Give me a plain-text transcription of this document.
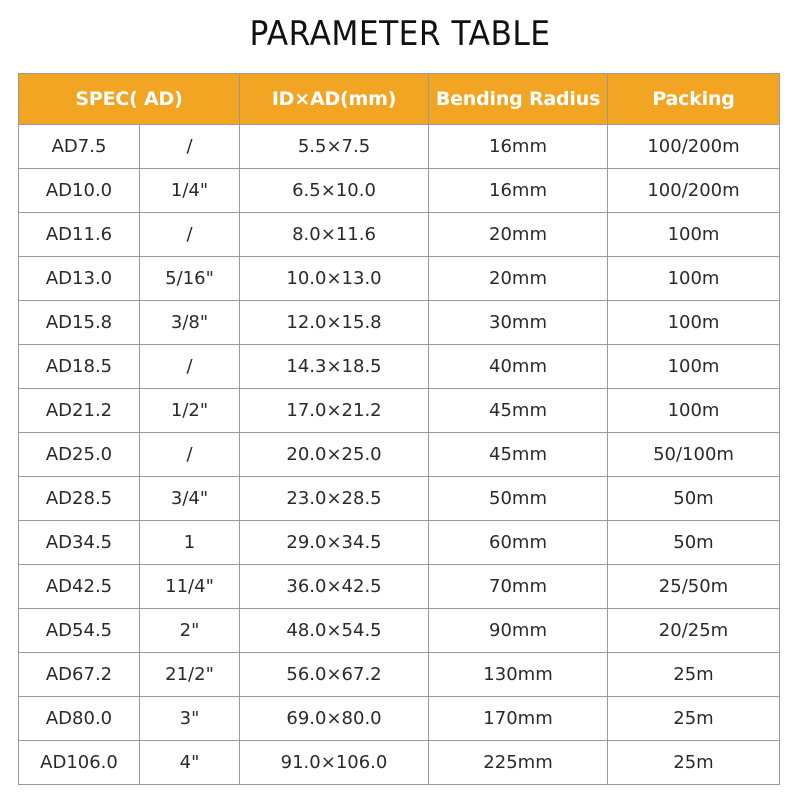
PARAMETER TABLE
SPEC( AD)		ID×AD(mm)	Bending Radius	Packing
AD7.5	/	5.5×7.5	16mm	100/200m
AD10.0	1/4"	6.5×10.0	16mm	100/200m
AD11.6	/	8.0×11.6	20mm	100m
AD13.0	5/16"	10.0×13.0	20mm	100m
AD15.8	3/8"	12.0×15.8	30mm	100m
AD18.5	/	14.3×18.5	40mm	100m
AD21.2	1/2"	17.0×21.2	45mm	100m
AD25.0	/	20.0×25.0	45mm	50/100m
AD28.5	3/4"	23.0×28.5	50mm	50m
AD34.5	1	29.0×34.5	60mm	50m
AD42.5	11/4"	36.0×42.5	70mm	25/50m
AD54.5	2"	48.0×54.5	90mm	20/25m
AD67.2	21/2"	56.0×67.2	130mm	25m
AD80.0	3"	69.0×80.0	170mm	25m
AD106.0	4"	91.0×106.0	225mm	25m
